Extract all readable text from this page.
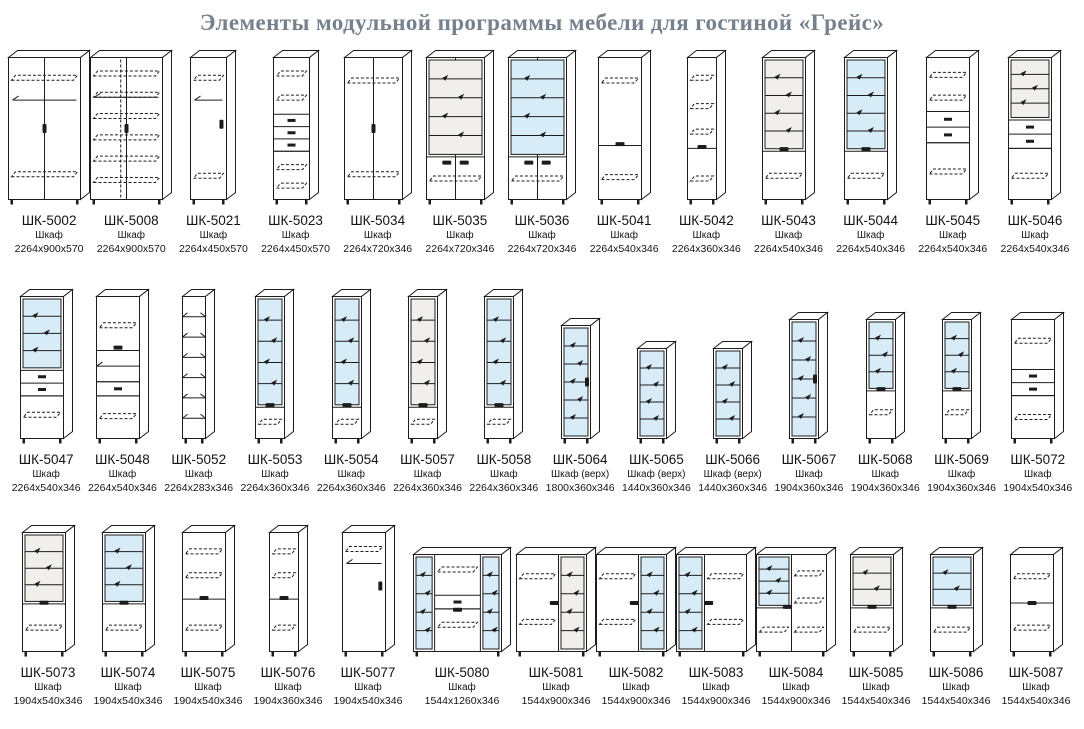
Элементы модульной программы мебели для гостиной «Грейс»
ШК-5002
Шкаф
2264x900x570
ШК-5008
Шкаф
2264x900x570
ШК-5021
Шкаф
2264x450x570
ШК-5023
Шкаф
2264x450x570
ШК-5034
Шкаф
2264x720x346
ШК-5035
Шкаф
2264x720x346
ШК-5036
Шкаф
2264x720x346
ШК-5041
Шкаф
2264x540x346
ШК-5042
Шкаф
2264x360x346
ШК-5043
Шкаф
2264x540x346
ШК-5044
Шкаф
2264x540x346
ШК-5045
Шкаф
2264x540x346
ШК-5046
Шкаф
2264x540x346
ШК-5047
Шкаф
2264x540x346
ШК-5048
Шкаф
2264x540x346
ШК-5052
Шкаф
2264x283x346
ШК-5053
Шкаф
2264x360x346
ШК-5054
Шкаф
2264x360x346
ШК-5057
Шкаф
2264x360x346
ШК-5058
Шкаф
2264x360x346
ШК-5064
Шкаф (верх)
1800x360x346
ШК-5065
Шкаф (верх)
1440x360x346
ШК-5066
Шкаф (верх)
1440x360x346
ШК-5067
Шкаф
1904x360x346
ШК-5068
Шкаф
1904x360x346
ШК-5069
Шкаф
1904x360x346
ШК-5072
Шкаф
1904x540x346
ШК-5073
Шкаф
1904x540x346
ШК-5074
Шкаф
1904x540x346
ШК-5075
Шкаф
1904x540x346
ШК-5076
Шкаф
1904x360x346
ШК-5077
Шкаф
1904x540x346
ШК-5080
Шкаф
1544x1260x346
ШК-5081
Шкаф
1544x900x346
ШК-5082
Шкаф
1544x900x346
ШК-5083
Шкаф
1544x900x346
ШК-5084
Шкаф
1544x900x346
ШК-5085
Шкаф
1544x540x346
ШК-5086
Шкаф
1544x540x346
ШК-5087
Шкаф
1544x540x346
